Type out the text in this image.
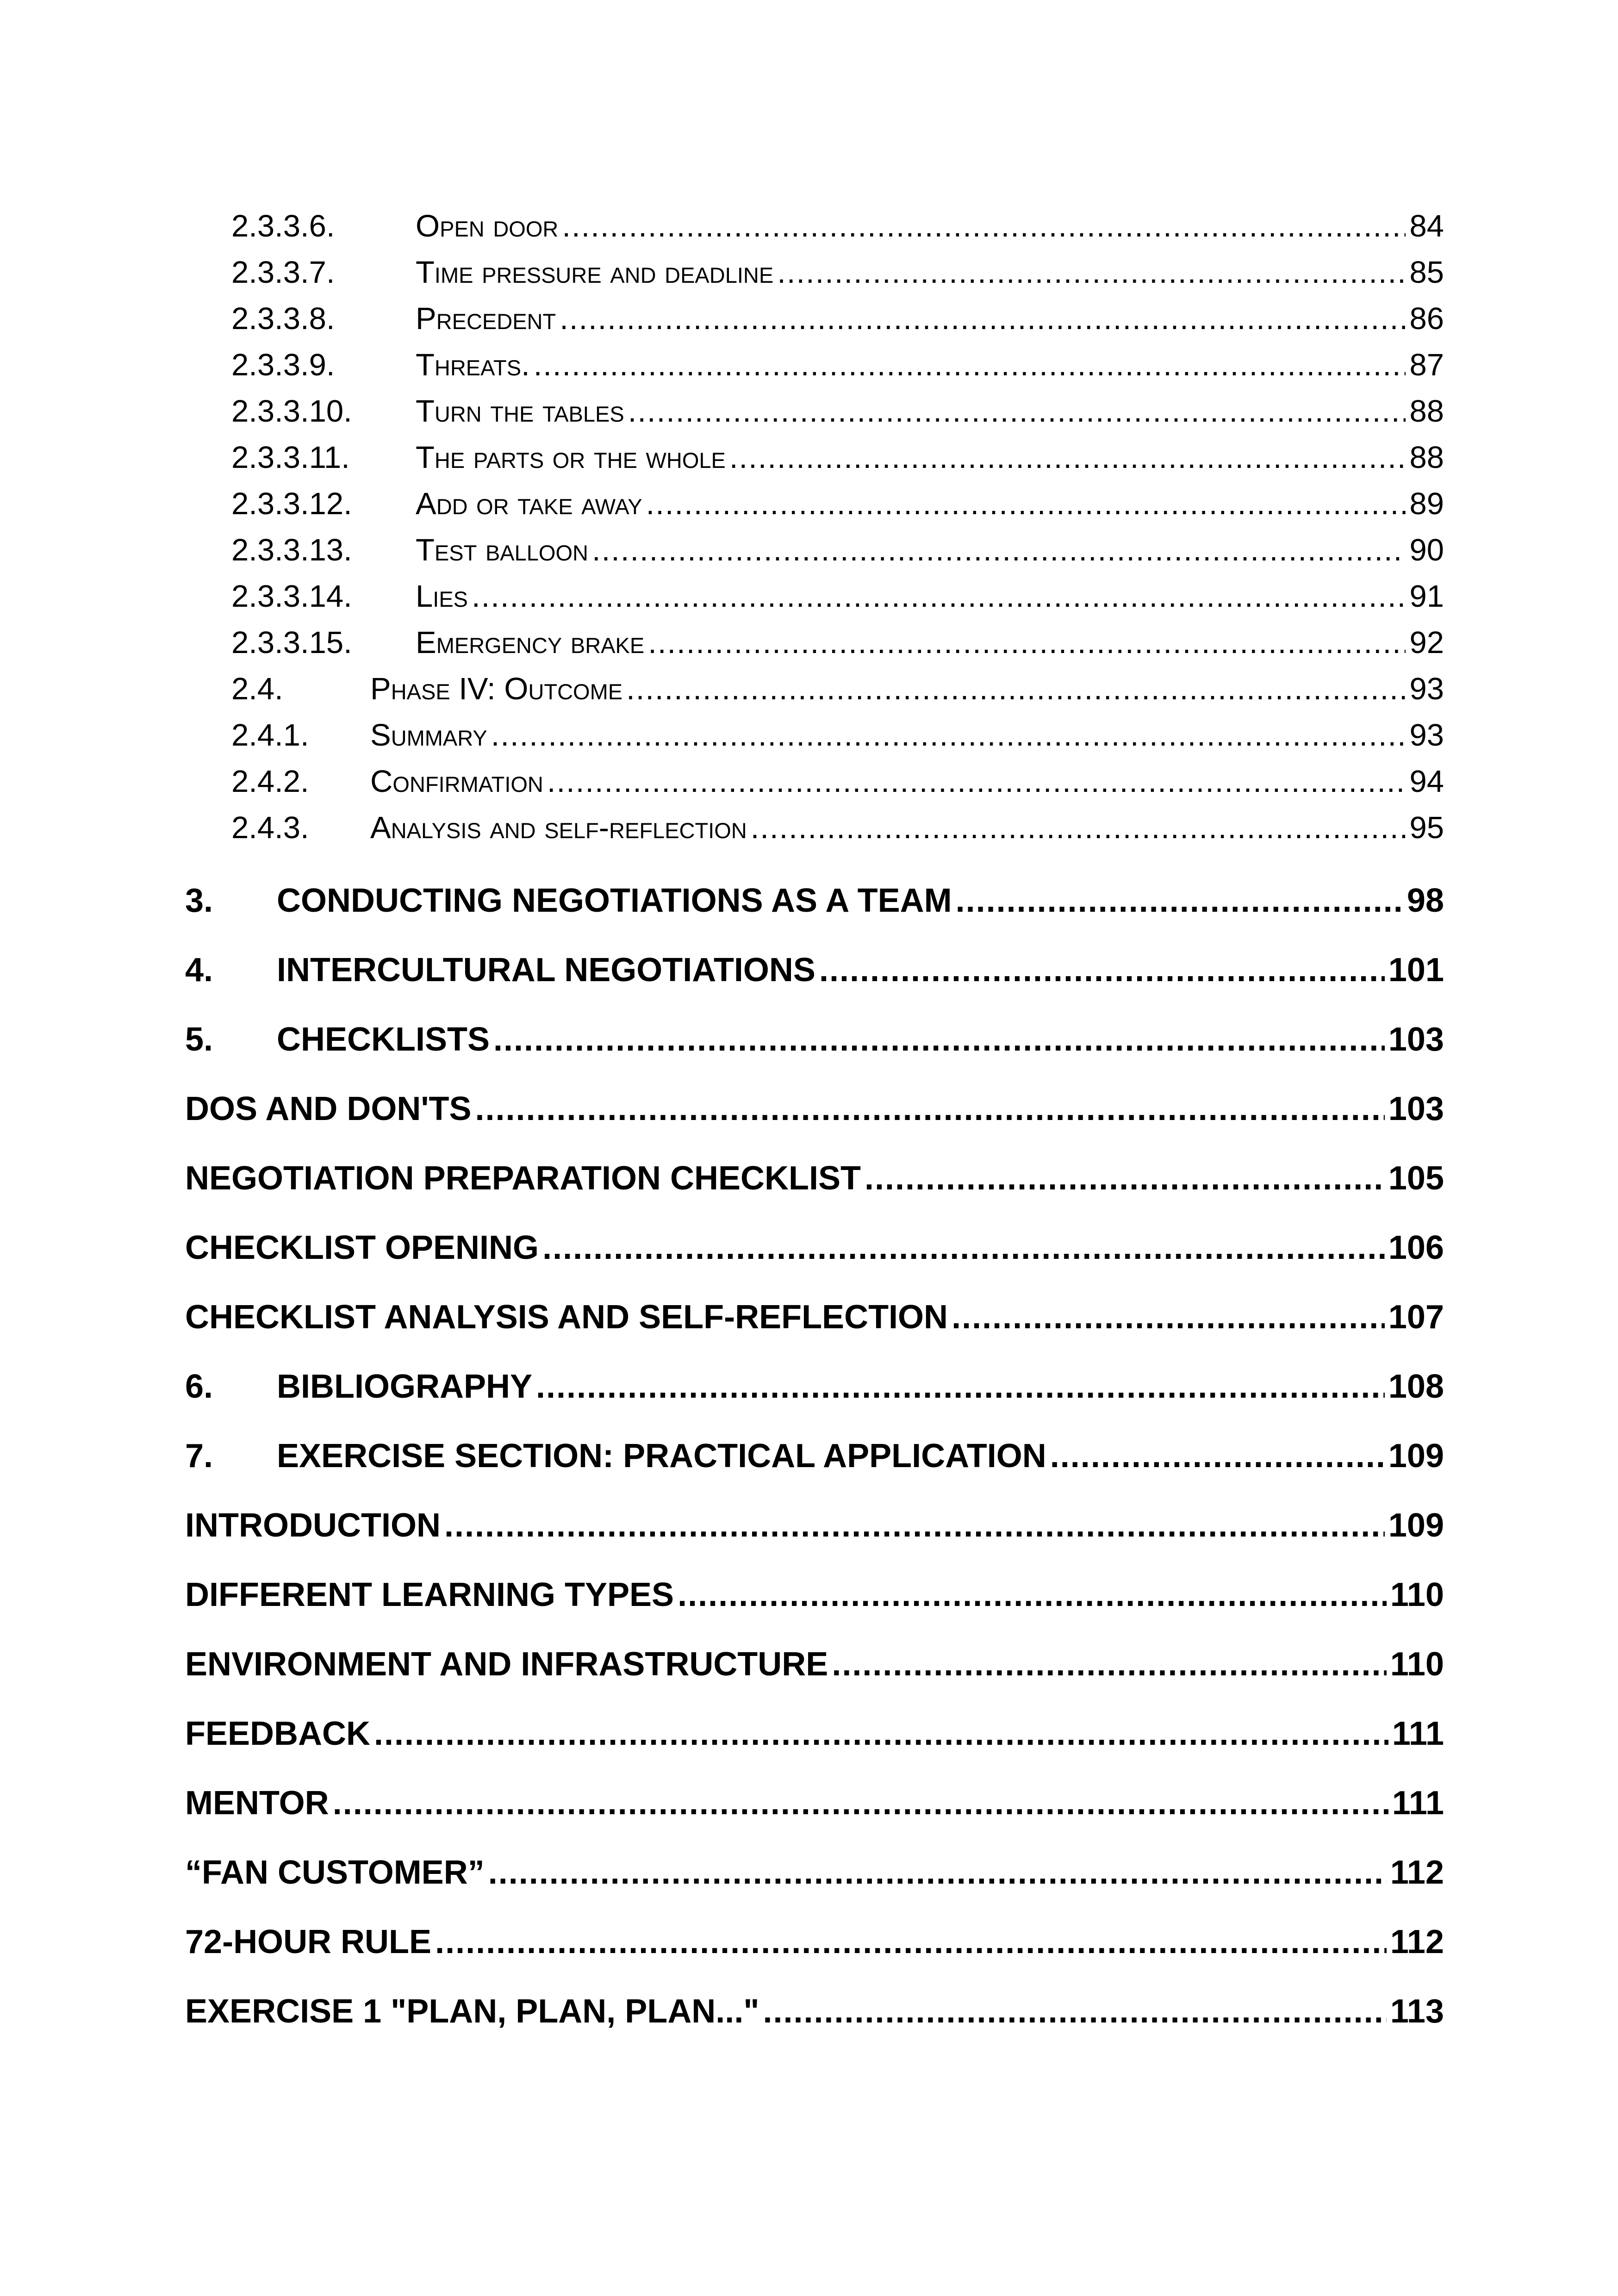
2.3.3.6.	Open door .....	84
2.3.3.7.	Time pressure and deadline .....	85
2.3.3.8.	Precedent .....	86
2.3.3.9.	Threats. .....	87
2.3.3.10.	Turn the tables .....	88
2.3.3.11.	The parts or the whole .....	88
2.3.3.12.	Add or take away .....	89
2.3.3.13.	Test balloon .....	90
2.3.3.14.	Lies .....	91
2.3.3.15.	Emergency brake .....	92
2.4.	Phase IV: Outcome .....	93
2.4.1.	Summary .....	93
2.4.2.	Confirmation .....	94
2.4.3.	Analysis and self-reflection .....	95
3.	CONDUCTING NEGOTIATIONS AS A TEAM .....	98
4.	INTERCULTURAL NEGOTIATIONS .....	101
5.	CHECKLISTS .....	103
DOS AND DON'TS .....	103
NEGOTIATION PREPARATION CHECKLIST .....	105
CHECKLIST OPENING .....	106
CHECKLIST ANALYSIS AND SELF-REFLECTION .....	107
6.	BIBLIOGRAPHY .....	108
7.	EXERCISE SECTION: PRACTICAL APPLICATION .....	109
INTRODUCTION .....	109
DIFFERENT LEARNING TYPES .....	110
ENVIRONMENT AND INFRASTRUCTURE .....	110
FEEDBACK .....	111
MENTOR .....	111
“FAN CUSTOMER” .....	112
72-HOUR RULE .....	112
EXERCISE 1 "PLAN, PLAN, PLAN..." .....	113
